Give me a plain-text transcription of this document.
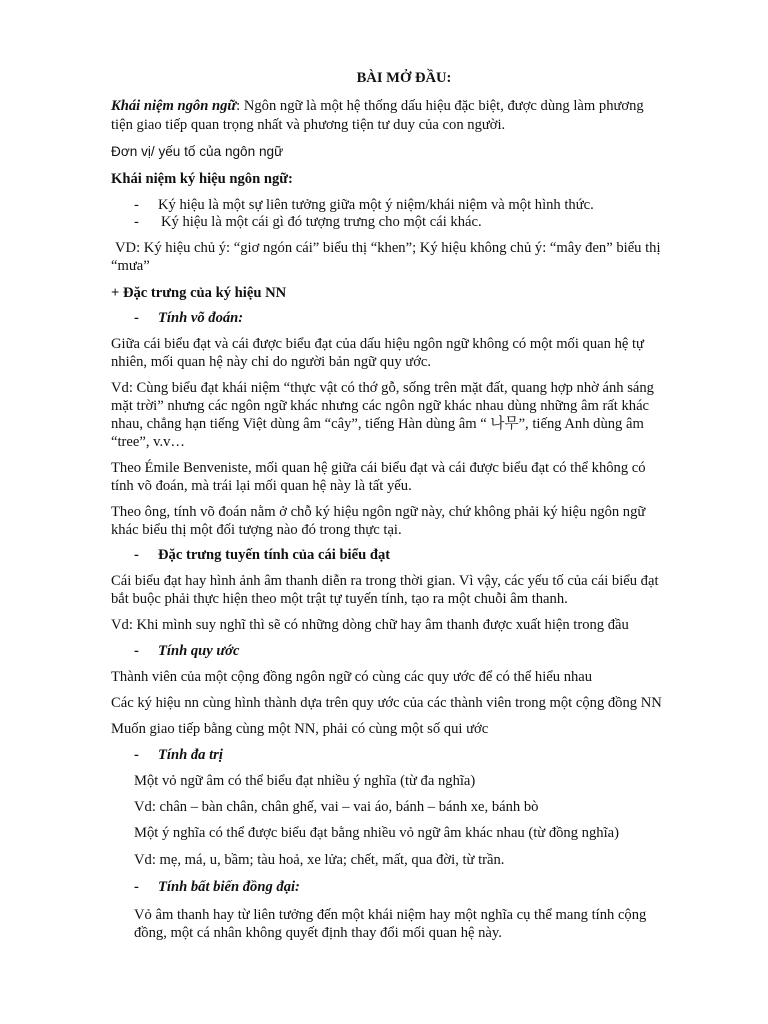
BÀI MỞ ĐẦU:
Khái niệm ngôn ngữ: Ngôn ngữ là một hệ thống dấu hiệu đặc biệt, được dùng làm phương
tiện giao tiếp quan trọng nhất và phương tiện tư duy của con người.
Đơn vị/ yếu tố của ngôn ngữ
Khái niệm ký hiệu ngôn ngữ:
- Ký hiệu là một sự liên tưởng giữa một ý niệm/khái niệm và một hình thức.
- Ký hiệu là một cái gì đó tượng trưng cho một cái khác.
VD: Ký hiệu chủ ý: “giơ ngón cái” biểu thị “khen”; Ký hiệu không chủ ý: “mây đen” biểu thị
“mưa”
+ Đặc trưng của ký hiệu NN
- Tính võ đoán:
Giữa cái biểu đạt và cái được biểu đạt của dấu hiệu ngôn ngữ không có một mối quan hệ tự
nhiên, mối quan hệ này chỉ do người bản ngữ quy ước.
Vd: Cùng biểu đạt khái niệm “thực vật có thớ gỗ, sống trên mặt đất, quang hợp nhờ ánh sáng
mặt trời” nhưng các ngôn ngữ khác nhưng các ngôn ngữ khác nhau dùng những âm rất khác
nhau, chẳng hạn tiếng Việt dùng âm “cây”, tiếng Hàn dùng âm “ 나무”, tiếng Anh dùng âm
“tree”, v.v…
Theo Émile Benveniste, mối quan hệ giữa cái biểu đạt và cái được biểu đạt có thể không có
tính võ đoán, mà trái lại mối quan hệ này là tất yếu.
Theo ông, tính võ đoán nằm ở chỗ ký hiệu ngôn ngữ này, chứ không phải ký hiệu ngôn ngữ
khác biểu thị một đối tượng nào đó trong thực tại.
- Đặc trưng tuyến tính của cái biểu đạt
Cái biểu đạt hay hình ảnh âm thanh diễn ra trong thời gian. Vì vậy, các yếu tố của cái biểu đạt
bắt buộc phải thực hiện theo một trật tự tuyến tính, tạo ra một chuỗi âm thanh.
Vd: Khi mình suy nghĩ thì sẽ có những dòng chữ hay âm thanh được xuất hiện trong đầu
- Tính quy ước
Thành viên của một cộng đồng ngôn ngữ có cùng các quy ước để có thể hiểu nhau
Các ký hiệu nn cùng hình thành dựa trên quy ước của các thành viên trong một cộng đồng NN
Muốn giao tiếp bằng cùng một NN, phải có cùng một số qui ước
- Tính đa trị
Một vỏ ngữ âm có thể biểu đạt nhiều ý nghĩa (từ đa nghĩa)
Vd: chân – bàn chân, chân ghế, vai – vai áo, bánh – bánh xe, bánh bò
Một ý nghĩa có thể được biểu đạt bằng nhiều vỏ ngữ âm khác nhau (từ đồng nghĩa)
Vd: mẹ, má, u, bầm; tàu hoả, xe lửa; chết, mất, qua đời, từ trần.
- Tính bất biến đồng đại:
Vỏ âm thanh hay từ liên tưởng đến một khái niệm hay một nghĩa cụ thể mang tính cộng
đồng, một cá nhân không quyết định thay đổi mối quan hệ này.
